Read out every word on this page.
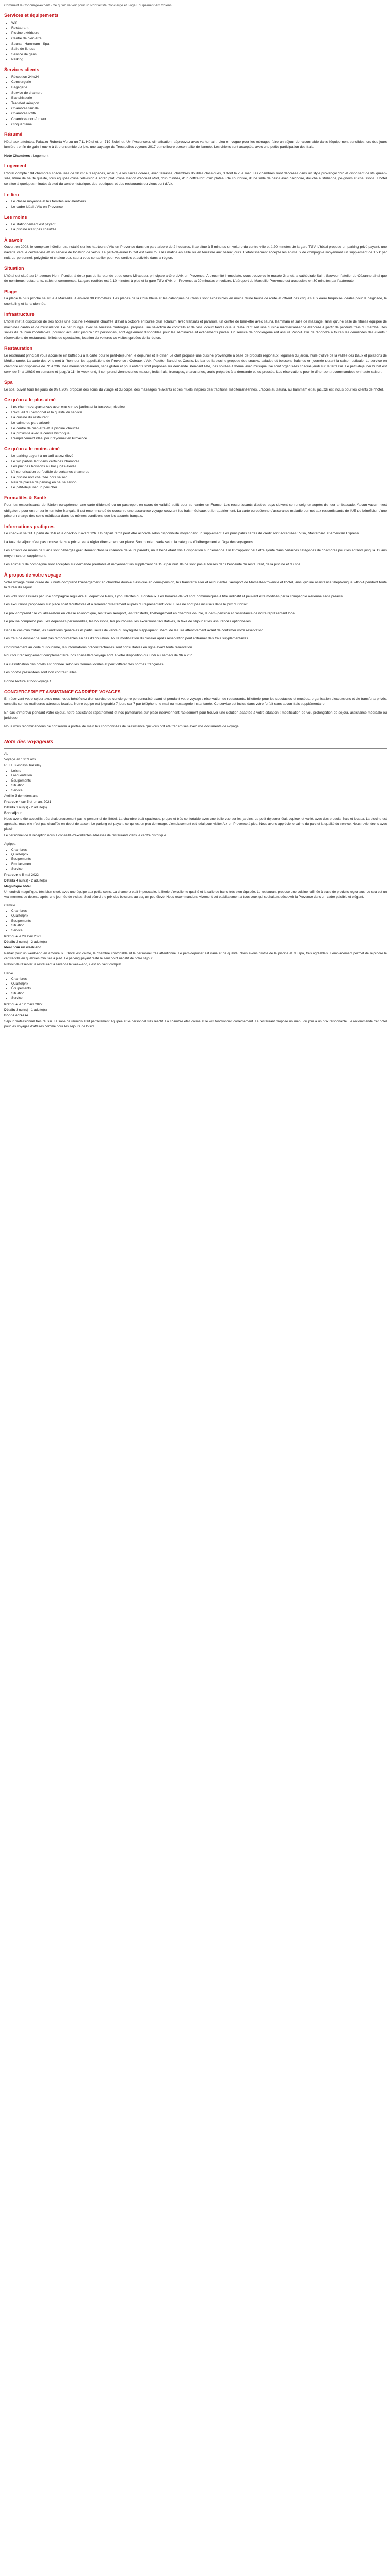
Comment le Concierge-expert - Ce qu'on va voir pour un Portraitiste Concierge et Loge Equipement Aix Chiens

Services et équipements
• Wifi
• Restaurant
• Piscine extérieure
• Centre de bien-être
• Sauna - Hammam - Spa
• Salle de fitness
• Service de gens
• Parking
Services clients
• Réception 24h/24
• Conciergerie
• Bagagerie
• Service de chambre
• Blanchisserie
• Transfert aéroport
• Chambres famille
• Chambres PMR
• Chambres non-fumeur
• Cinquantaine
Résumé

Hôtel aux atteintes, Palazzo Roberta Venzu un 711 Hôtel et un 719 Soleil et. Un l'Ascenseur, climatisation, aéprouvez avec va humain. Lieu en vogue pour les ménages faire un séjour de raisonnable dans l'équipement sensibles lors des jours lumière ; enfin de gain il ouvre à titre ensemble de joie, une paysage de Tresspoiles voyeurs 2017 et meilleure personnalité de l'année. Les chiens sont acceptés, avec une petite participation des frais.

Note Chambres : Logement

Logement

L'hôtel compte 104 chambres spacieuses de 30 m² à 3 espaces, ainsi que les suites dorées, avec terrasse, chambres doubles classiques, 3 dont la vue mer. Les chambres sont décorées dans un style provençal chic et disposent de lits queen-size, literie de haute qualité, tous équipés d'une télévision à écran plat, d'une station d'accueil iPod, d'un minibar, d'un coffre-fort, d'un plateau de courtoisie, d'une salle de bains avec baignoire, douche à l'italienne, peignoirs et chaussons. L'hôtel se situe à quelques minutes à pied du centre historique, des boutiques et des restaurants du vieux port d'Aix.

Le lieu
• Le classe moyenne et les familles aux alentours
• Le cadre idéal d'Aix-en-Provence
Les moins
• Le stationnement est payant
• La piscine n'est pas chauffée
À savoir

Ouvert en 2008, le complexe hôtelier est installé sur les hauteurs d'Aix-en-Provence dans un parc arboré de 2 hectares. Il se situe à 5 minutes en voiture du centre-ville et à 20 minutes de la gare TGV. L'hôtel propose un parking privé payant, une navette vers le centre-ville et un service de location de vélos. Le petit-déjeuner buffet est servi tous les matins en salle ou en terrasse aux beaux jours. L'établissement accepte les animaux de compagnie moyennant un supplément de 15 € par nuit. Le personnel, polyglotte et chaleureux, saura vous conseiller pour vos sorties et activités dans la région.

Situation

L'hôtel est situé au 14 avenue Henri Pontier, à deux pas de la rotonde et du cours Mirabeau, principale artère d'Aix-en-Provence. À proximité immédiate, vous trouverez le musée Granet, la cathédrale Saint-Sauveur, l'atelier de Cézanne ainsi que de nombreux restaurants, cafés et commerces. La gare routière est à 10 minutes à pied et la gare TGV d'Aix-en-Provence à 20 minutes en voiture. L'aéroport de Marseille-Provence est accessible en 30 minutes par l'autoroute.

Plage

La plage la plus proche se situe à Marseille, à environ 30 kilomètres. Les plages de la Côte Bleue et les calanques de Cassis sont accessibles en moins d'une heure de route et offrent des criques aux eaux turquoise idéales pour la baignade, le snorkeling et la randonnée.

Infrastructure

L'hôtel met à disposition de ses hôtes une piscine extérieure chauffée d'avril à octobre entourée d'un solarium avec transats et parasols, un centre de bien-être avec sauna, hammam et salle de massage, ainsi qu'une salle de fitness équipée de machines cardio et de musculation. Le bar lounge, avec sa terrasse ombragée, propose une sélection de cocktails et de vins locaux tandis que le restaurant sert une cuisine méditerranéenne élaborée à partir de produits frais du marché. Des salles de réunion modulables, pouvant accueillir jusqu'à 120 personnes, sont également disponibles pour les séminaires et événements privés. Un service de conciergerie est assuré 24h/24 afin de répondre à toutes les demandes des clients : réservations de restaurants, billets de spectacles, location de voitures ou visites guidées de la région.

Restauration

Le restaurant principal vous accueille en buffet ou à la carte pour le petit-déjeuner, le déjeuner et le dîner. Le chef propose une cuisine provençale à base de produits régionaux, légumes du jardin, huile d'olive de la vallée des Baux et poissons de Méditerranée. La carte des vins met à l'honneur les appellations de Provence : Coteaux d'Aix, Palette, Bandol et Cassis. Le bar de la piscine propose des snacks, salades et boissons fraîches en journée durant la saison estivale. Le service en chambre est disponible de 7h à 23h. Des menus végétariens, sans gluten et pour enfants sont proposés sur demande. Pendant l'été, des soirées à thème avec musique live sont organisées chaque jeudi sur la terrasse. Le petit-déjeuner buffet est servi de 7h à 10h30 en semaine et jusqu'à 11h le week-end, il comprend viennoiseries maison, fruits frais, fromages, charcuteries, œufs préparés à la demande et jus pressés. Les réservations pour le dîner sont recommandées en haute saison.

Spa

Le spa, ouvert tous les jours de 9h à 20h, propose des soins du visage et du corps, des massages relaxants et des rituels inspirés des traditions méditerranéennes. L'accès au sauna, au hammam et au jacuzzi est inclus pour les clients de l'hôtel.

Ce qu'on a le plus aimé
• Les chambres spacieuses avec vue sur les jardins et la terrasse privative
• L'accueil du personnel et la qualité du service
• La cuisine du restaurant
• Le calme du parc arboré
• Le centre de bien-être et la piscine chauffée
• La proximité avec le centre historique
• L'emplacement idéal pour rayonner en Provence
Ce qu'on a le moins aimé
• Le parking payant à un tarif assez élevé
• Le wifi parfois lent dans certaines chambres
• Les prix des boissons au bar jugés élevés
• L'insonorisation perfectible de certaines chambres
• La piscine non chauffée hors saison
• Peu de places de parking en haute saison
• Le petit-déjeuner un peu cher
Formalités & Santé

Pour les ressortissants de l'Union européenne, une carte d'identité ou un passeport en cours de validité suffit pour se rendre en France. Les ressortissants d'autres pays doivent se renseigner auprès de leur ambassade. Aucun vaccin n'est obligatoire pour entrer sur le territoire français. Il est recommandé de souscrire une assurance voyage couvrant les frais médicaux et le rapatriement. La carte européenne d'assurance maladie permet aux ressortissants de l'UE de bénéficier d'une prise en charge des soins médicaux dans les mêmes conditions que les assurés français.

Informations pratiques

Le check-in se fait à partir de 15h et le check-out avant 12h. Un départ tardif peut être accordé selon disponibilité moyennant un supplément. Les principales cartes de crédit sont acceptées : Visa, Mastercard et American Express.

La taxe de séjour n'est pas incluse dans le prix et est à régler directement sur place. Son montant varie selon la catégorie d'hébergement et l'âge des voyageurs.

Les enfants de moins de 3 ans sont hébergés gratuitement dans la chambre de leurs parents, un lit bébé étant mis à disposition sur demande. Un lit d'appoint peut être ajouté dans certaines catégories de chambres pour les enfants jusqu'à 12 ans moyennant un supplément.

Les animaux de compagnie sont acceptés sur demande préalable et moyennant un supplément de 15 € par nuit. Ils ne sont pas autorisés dans l'enceinte du restaurant, de la piscine et du spa.

À propos de votre voyage

Votre voyage d'une durée de 7 nuits comprend l'hébergement en chambre double classique en demi-pension, les transferts aller et retour entre l'aéroport de Marseille-Provence et l'hôtel, ainsi qu'une assistance téléphonique 24h/24 pendant toute la durée du séjour.

Les vols sont assurés par une compagnie régulière au départ de Paris, Lyon, Nantes ou Bordeaux. Les horaires de vol sont communiqués à titre indicatif et peuvent être modifiés par la compagnie aérienne sans préavis.

Les excursions proposées sur place sont facultatives et à réserver directement auprès du représentant local. Elles ne sont pas incluses dans le prix du forfait.

Le prix comprend : le vol aller-retour en classe économique, les taxes aéroport, les transferts, l'hébergement en chambre double, la demi-pension et l'assistance de notre représentant local.

Le prix ne comprend pas : les dépenses personnelles, les boissons, les pourboires, les excursions facultatives, la taxe de séjour et les assurances optionnelles.

Dans le cas d'un forfait, les conditions générales et particulières de vente du voyagiste s'appliquent. Merci de les lire attentivement avant de confirmer votre réservation.

Les frais de dossier ne sont pas remboursables en cas d'annulation. Toute modification du dossier après réservation peut entraîner des frais supplémentaires.

Conformément au code du tourisme, les informations précontractuelles sont consultables en ligne avant toute réservation.

Pour tout renseignement complémentaire, nos conseillers voyage sont à votre disposition du lundi au samedi de 9h à 20h.

La classification des hôtels est donnée selon les normes locales et peut différer des normes françaises.

Les photos présentées sont non contractuelles.

Bonne lecture et bon voyage !

CONCIERGERIE ET ASSISTANCE CARRIÈRE VOYAGES

En réservant votre séjour avec nous, vous bénéficiez d'un service de conciergerie personnalisé avant et pendant votre voyage : réservation de restaurants, billetterie pour les spectacles et musées, organisation d'excursions et de transferts privés, conseils sur les meilleures adresses locales. Notre équipe est joignable 7 jours sur 7 par téléphone, e-mail ou messagerie instantanée. Ce service est inclus dans votre forfait sans aucun frais supplémentaire.

En cas d'imprévu pendant votre séjour, notre assistance rapatriement et nos partenaires sur place interviennent rapidement pour trouver une solution adaptée à votre situation : modification de vol, prolongation de séjour, assistance médicale ou juridique.

Nous vous recommandons de conserver à portée de main les coordonnées de l'assistance qui vous ont été transmises avec vos documents de voyage.

Note des voyageurs
Al.
Voyage en 10/09 ans
RELT Tuesdays Tuesday
• Loisirs
• Fréquentation
• Équipements
• Situation
• Service
Avril le 3 dernières ans
Pratique 4 sur 5 et un an, 2021
Détails 1 nuit(s) - 2 adulte(s)
Bon séjour

Nous avons été accueillis très chaleureusement par le personnel de l'hôtel. La chambre était spacieuse, propre et très confortable avec une belle vue sur les jardins. Le petit-déjeuner était copieux et varié, avec des produits frais et locaux. La piscine est agréable, mais elle n'est pas chauffée en début de saison. Le parking est payant, ce qui est un peu dommage. L'emplacement est idéal pour visiter Aix-en-Provence à pied. Nous avons apprécié le calme du parc et la qualité du service. Nous reviendrons avec plaisir.

Le personnel de la réception nous a conseillé d'excellentes adresses de restaurants dans le centre historique.

Agrippa
• Chambres
• Qualité/prix
• Équipements
• Emplacement
• Service
Pratique le 5 mai 2022
Détails 4 nuit(s) - 2 adulte(s)
Magnifique hôtel

Un endroit magnifique, très bien situé, avec une équipe aux petits soins. La chambre était impeccable, la literie d'excellente qualité et la salle de bains très bien équipée. Le restaurant propose une cuisine raffinée à base de produits régionaux. Le spa est un vrai moment de détente après une journée de visites. Seul bémol : le prix des boissons au bar, un peu élevé. Nous recommandons vivement cet établissement à tous ceux qui souhaitent découvrir la Provence dans un cadre paisible et élégant.

Camille
• Chambres
• Qualité/prix
• Équipements
• Situation
• Service
Pratique le 28 avril 2022
Détails 2 nuit(s) - 2 adulte(s)
Idéal pour un week-end

Parfait pour un week-end en amoureux. L'hôtel est calme, la chambre confortable et le personnel très attentionné. Le petit-déjeuner est varié et de qualité. Nous avons profité de la piscine et du spa, très agréables. L'emplacement permet de rejoindre le centre-ville en quelques minutes à pied. Le parking payant reste le seul point négatif de notre séjour.

Prévoir de réserver le restaurant à l'avance le week-end, il est souvent complet.

Hervé
• Chambres
• Qualité/prix
• Équipements
• Situation
• Service
Pratique le 12 mars 2022
Détails 3 nuit(s) - 1 adulte(s)
Bonne adresse

Séjour professionnel très réussi. La salle de réunion était parfaitement équipée et le personnel très réactif. La chambre était calme et le wifi fonctionnait correctement. Le restaurant propose un menu du jour à un prix raisonnable. Je recommande cet hôtel pour les voyages d'affaires comme pour les séjours de loisirs.
